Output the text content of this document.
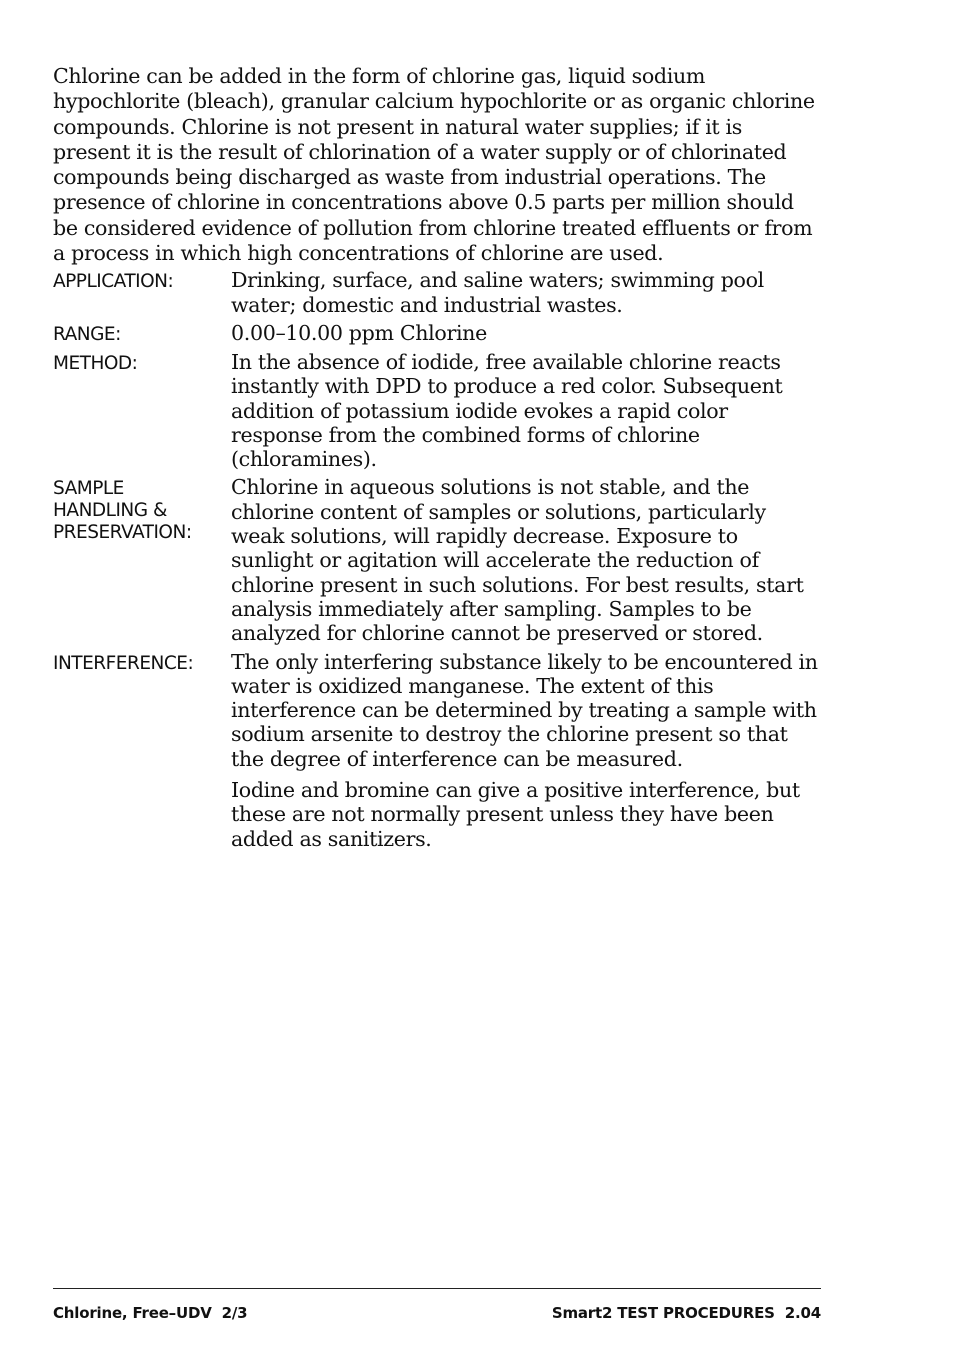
Chlorine can be added in the form of chlorine gas, liquid sodium hypochlorite (bleach), granular calcium hypochlorite or as organic chlorine compounds. Chlorine is not present in natural water supplies; if it is present it is the result of chlorination of a water supply or of chlorinated compounds being discharged as waste from industrial operations. The presence of chlorine in concentrations above 0.5 parts per million should be considered evidence of pollution from chlorine treated effluents or from a process in which high concentrations of chlorine are used.

APPLICATION:	Drinking, surface, and saline waters; swimming pool water; domestic and industrial wastes.

RANGE:	0.00–10.00 ppm Chlorine

METHOD:	In the absence of iodide, free available chlorine reacts instantly with DPD to produce a red color. Subsequent addition of potassium iodide evokes a rapid color response from the combined forms of chlorine (chloramines).

SAMPLE
HANDLING &
PRESERVATION:

Chlorine in aqueous solutions is not stable, and the chlorine content of samples or solutions, particularly weak solutions, will rapidly decrease. Exposure to sunlight or agitation will accelerate the reduction of chlorine present in such solutions. For best results, start analysis immediately after sampling. Samples to be analyzed for chlorine cannot be preserved or stored.

INTERFERENCE:	The only interfering substance likely to be encountered in water is oxidized manganese. The extent of this interference can be determined by treating a sample with sodium arsenite to destroy the chlorine present so that the degree of interference can be measured.

Iodine and bromine can give a positive interference, but these are not normally present unless they have been added as sanitizers.

Chlorine, Free–UDV  2/3	Smart2 TEST PROCEDURES  2.04
